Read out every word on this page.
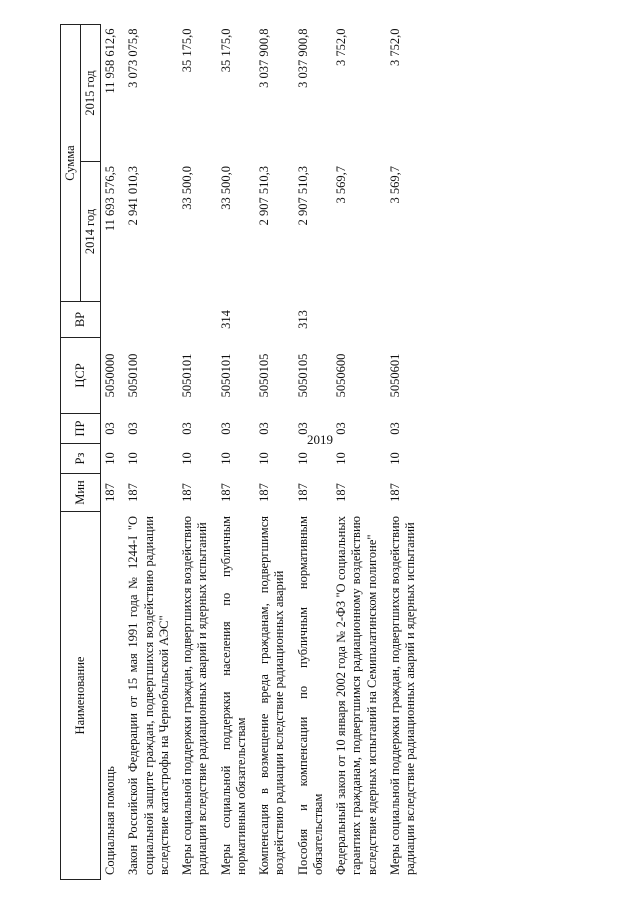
2019
Наименование	Мин	Рз	ПР	ЦСР	ВР	Сумма	
						2014 год	2015 год
Социальная помощь	187	10	03	5050000		11 693 576,5	11 958 612,6
Закон Российской Федерации от 15 мая 1991 года № 1244-I "О социальной защите граждан, подвергшихся воздействию радиации вследствие катастрофы на Чернобыльской АЭС"	187	10	03	5050100		2 941 010,3	3 073 075,8
Меры социальной поддержки граждан, подвергшихся воздействию радиации вследствие радиационных аварий и ядерных испытаний	187	10	03	5050101		33 500,0	35 175,0
Меры социальной поддержки населения по публичным нормативным обязательствам	187	10	03	5050101	314	33 500,0	35 175,0
Компенсация в возмещение вреда гражданам, подвергшимся воздействию радиации вследствие радиационных аварий	187	10	03	5050105		2 907 510,3	3 037 900,8
Пособия и компенсации по публичным нормативным обязательствам	187	10	03	5050105	313	2 907 510,3	3 037 900,8
Федеральный закон от 10 января 2002 года № 2-ФЗ "О социальных гарантиях гражданам, подвергшимся радиационному воздействию вследствие ядерных испытаний на Семипалатинском полигоне"	187	10	03	5050600		3 569,7	3 752,0
Меры социальной поддержки граждан, подвергшихся воздействию радиации вследствие радиационных аварий и ядерных испытаний	187	10	03	5050601		3 569,7	3 752,0
